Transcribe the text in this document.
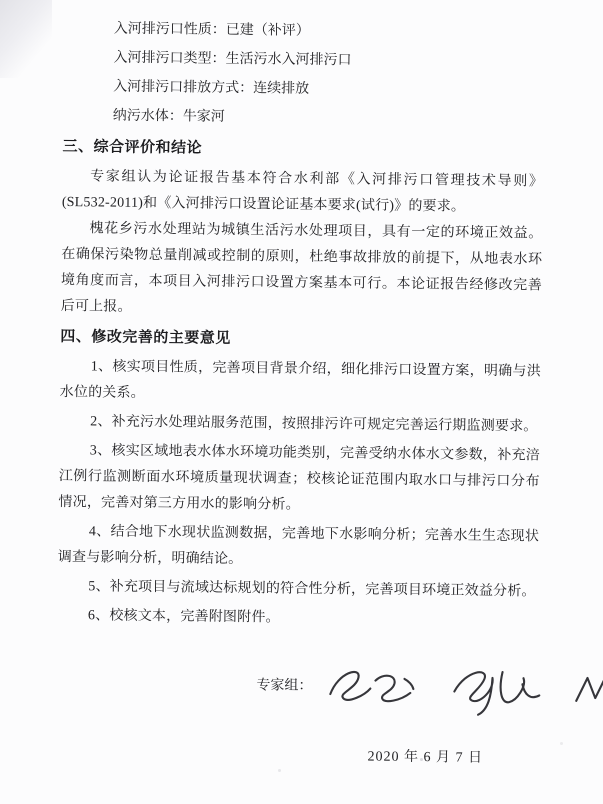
入河排污口性质：已建（补评）
入河排污口类型：生活污水入河排污口
入河排污口排放方式：连续排放
纳污水体：牛家河
三、综合评价和结论

专家组认为论证报告基本符合水利部《入河排污口管理技术导则》(SL532-2011)和《入河排污口设置论证基本要求(试行)》的要求。

槐花乡污水处理站为城镇生活污水处理项目，具有一定的环境正效益。在确保污染物总量削减或控制的原则，杜绝事故排放的前提下，从地表水环境角度而言，本项目入河排污口设置方案基本可行。本论证报告经修改完善后可上报。

四、修改完善的主要意见

1、核实项目性质，完善项目背景介绍，细化排污口设置方案，明确与洪水位的关系。

2、补充污水处理站服务范围，按照排污许可规定完善运行期监测要求。

3、核实区域地表水体水环境功能类别，完善受纳水体水文参数，补充涪江例行监测断面水环境质量现状调查；校核论证范围内取水口与排污口分布情况，完善对第三方用水的影响分析。

4、结合地下水现状监测数据，完善地下水影响分析；完善水生生态现状调查与影响分析，明确结论。

5、补充项目与流域达标规划的符合性分析，完善项目环境正效益分析。

6、校核文本，完善附图附件。

专家组：
2020 年 6 月 7 日
